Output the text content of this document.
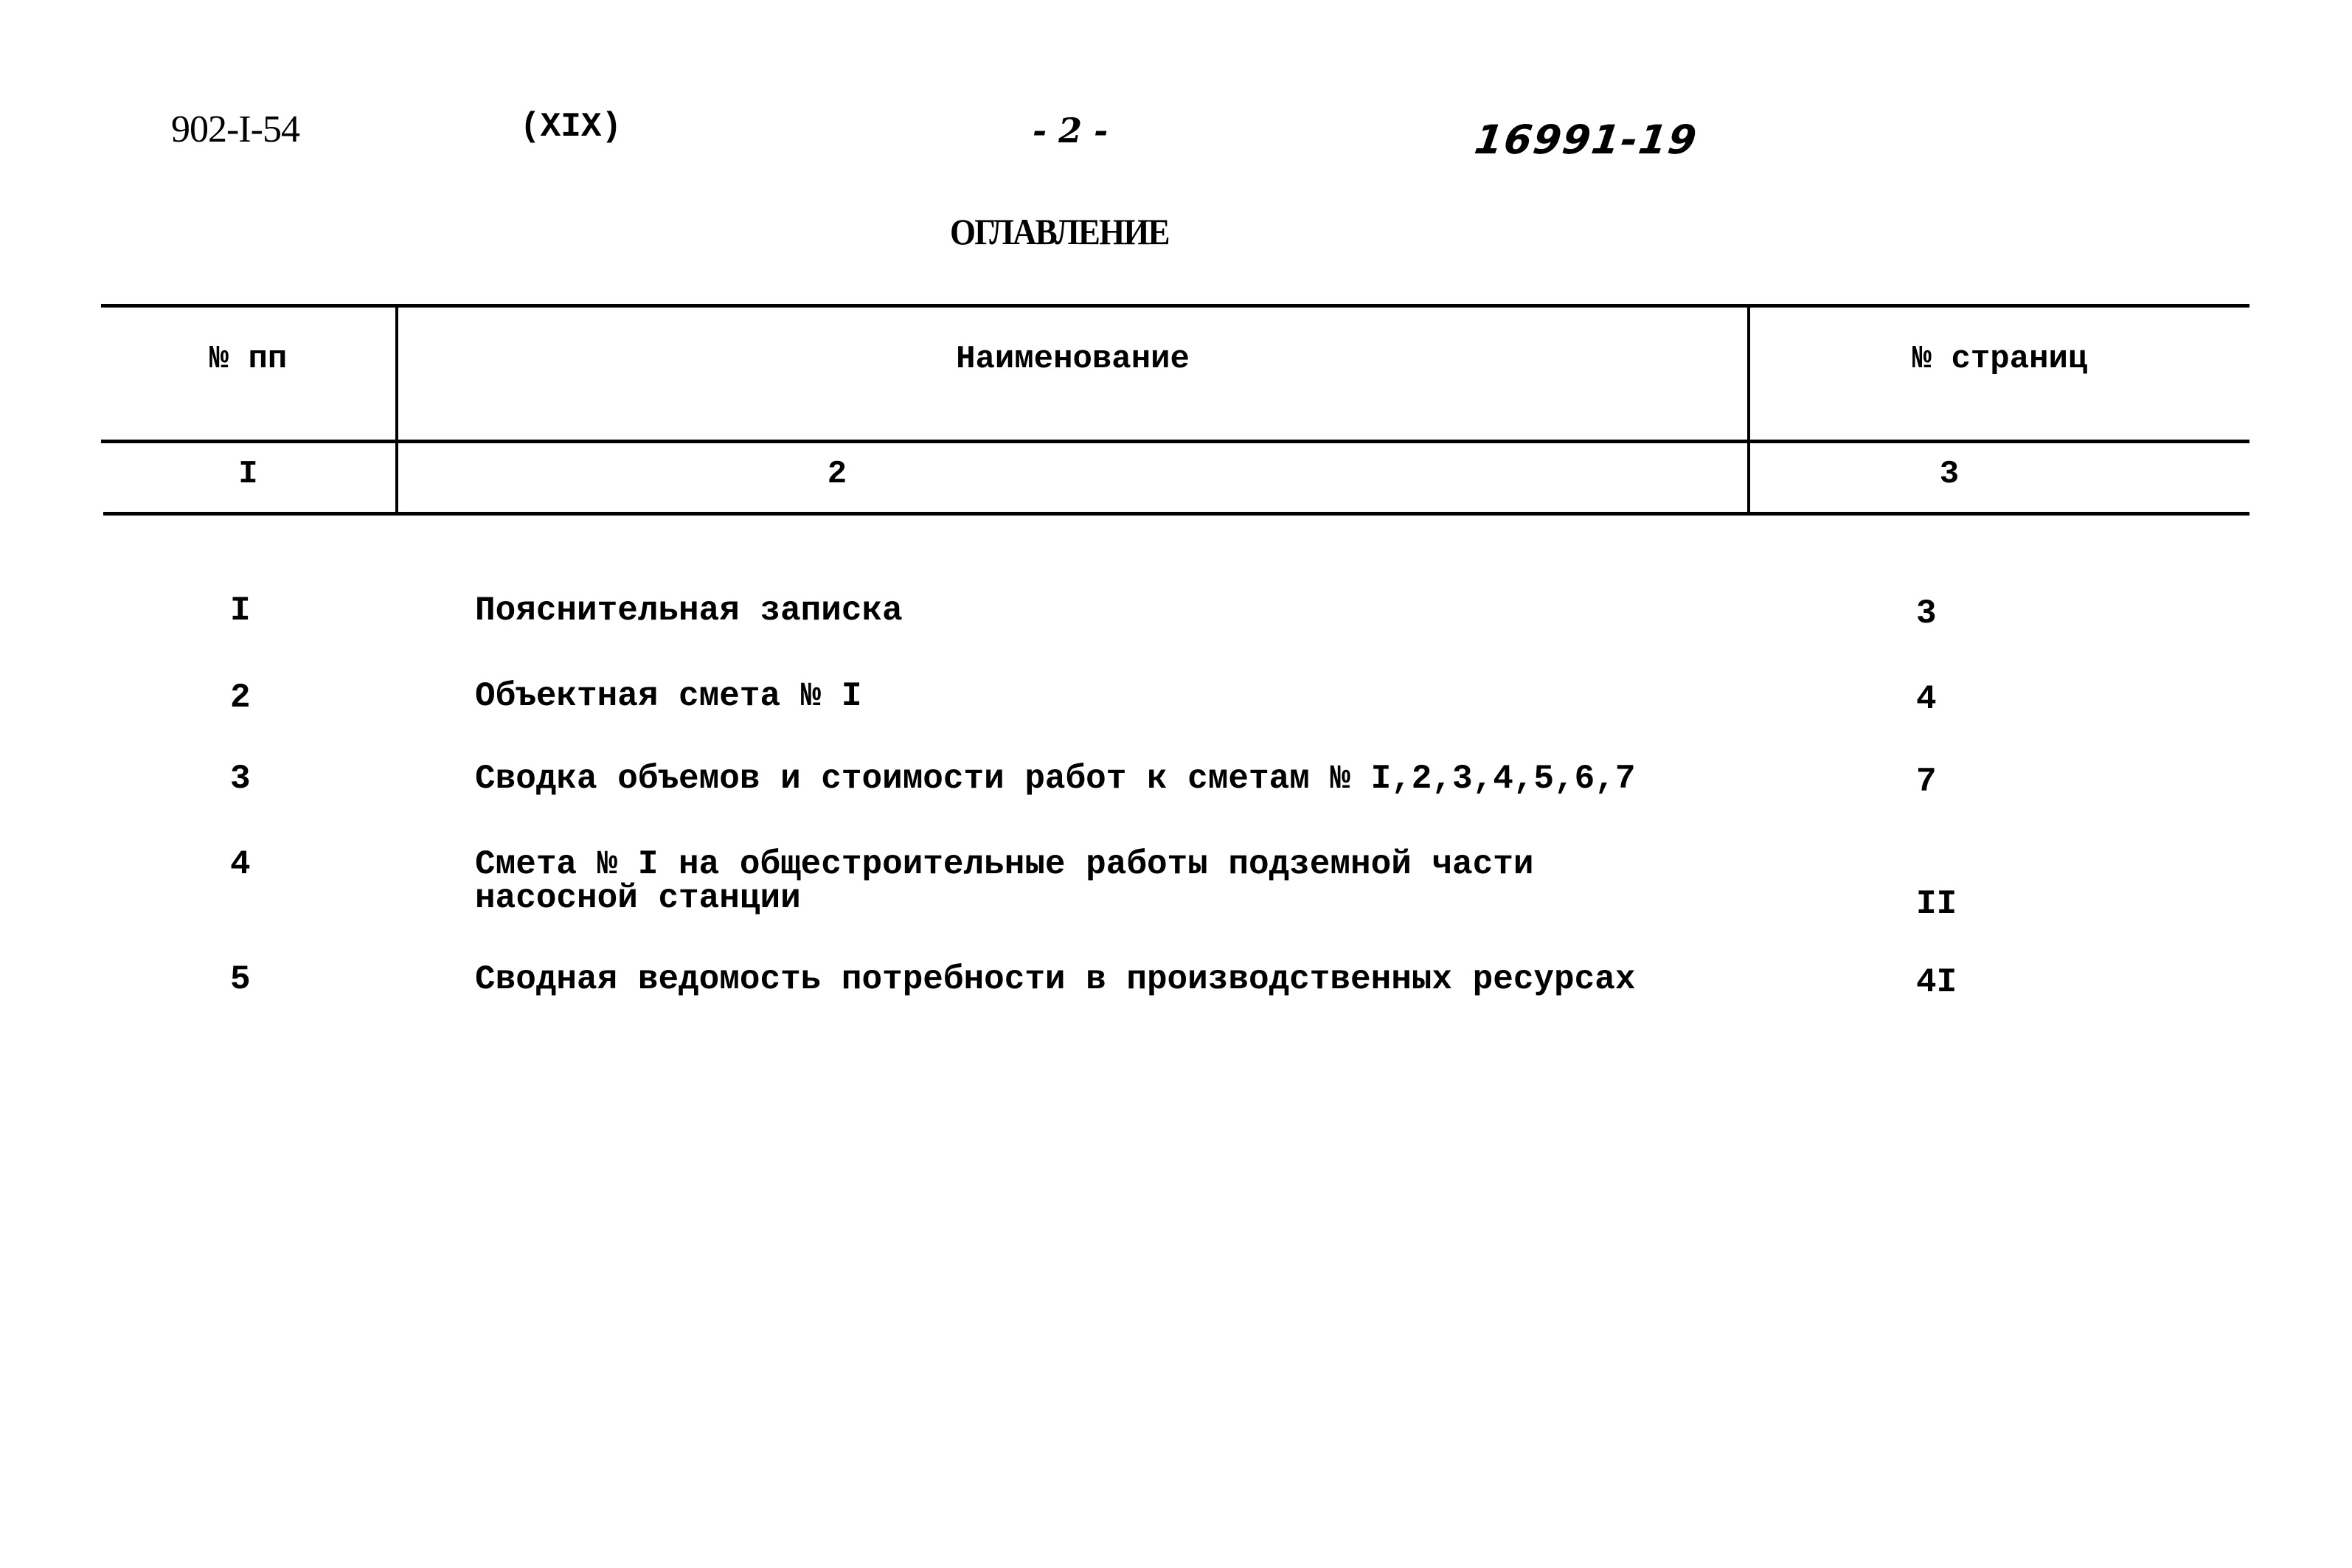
902-I-54	(XIX)	- 2 -	16991-19
ОГЛАВЛЕНИЕ
№ пп	Наименование	№ страниц
I	2	3
I	Пояснительная записка	3
2	Объектная смета № I	4
3	Сводка объемов и стоимости работ к сметам № I,2,3,4,5,6,7	7
4	Смета № I на общестроительные работы подземной части
насосной станции	II
5	Сводная ведомость потребности в производственных ресурсах	4I
